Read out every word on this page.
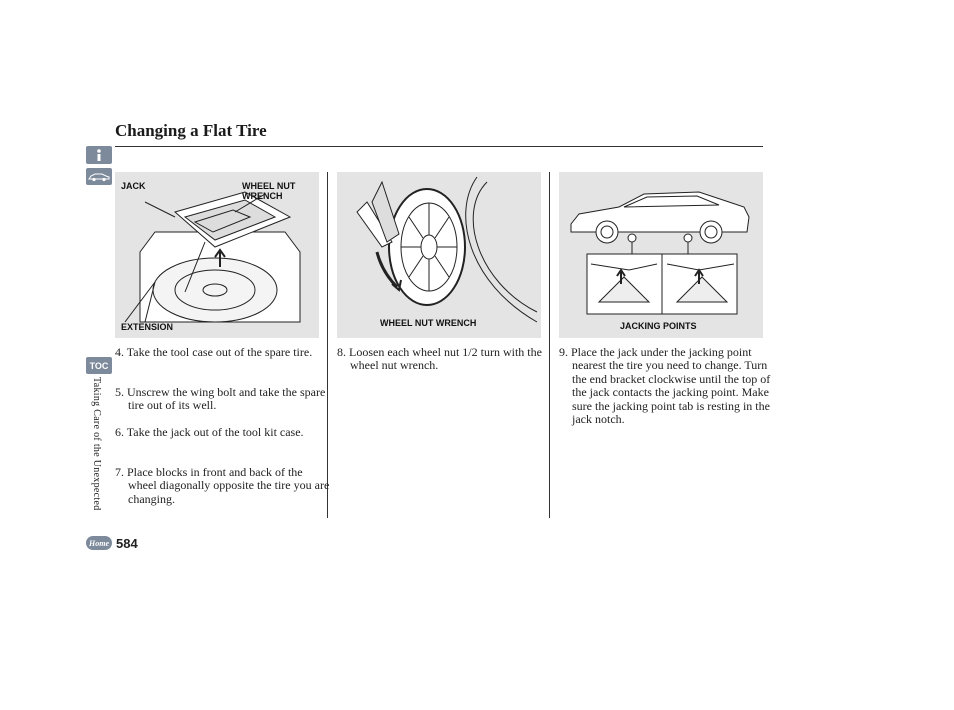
TOC
Taking Care of the Unexpected
Home 584
Changing a Flat Tire
JACK	WHEEL NUT
WRENCH
EXTENSION	WHEEL NUT WRENCH	JACKING POINTS
4. Take the tool case out of the spare tire.
5. Unscrew the wing bolt and take the spare tire out of its well.
6. Take the jack out of the tool kit case.
7. Place blocks in front and back of the wheel diagonally opposite the tire you are changing.
8. Loosen each wheel nut 1/2 turn with the wheel nut wrench.
9. Place the jack under the jacking point nearest the tire you need to change. Turn the end bracket clockwise until the top of the jack contacts the jacking point. Make sure the jacking point tab is resting in the jack notch.
